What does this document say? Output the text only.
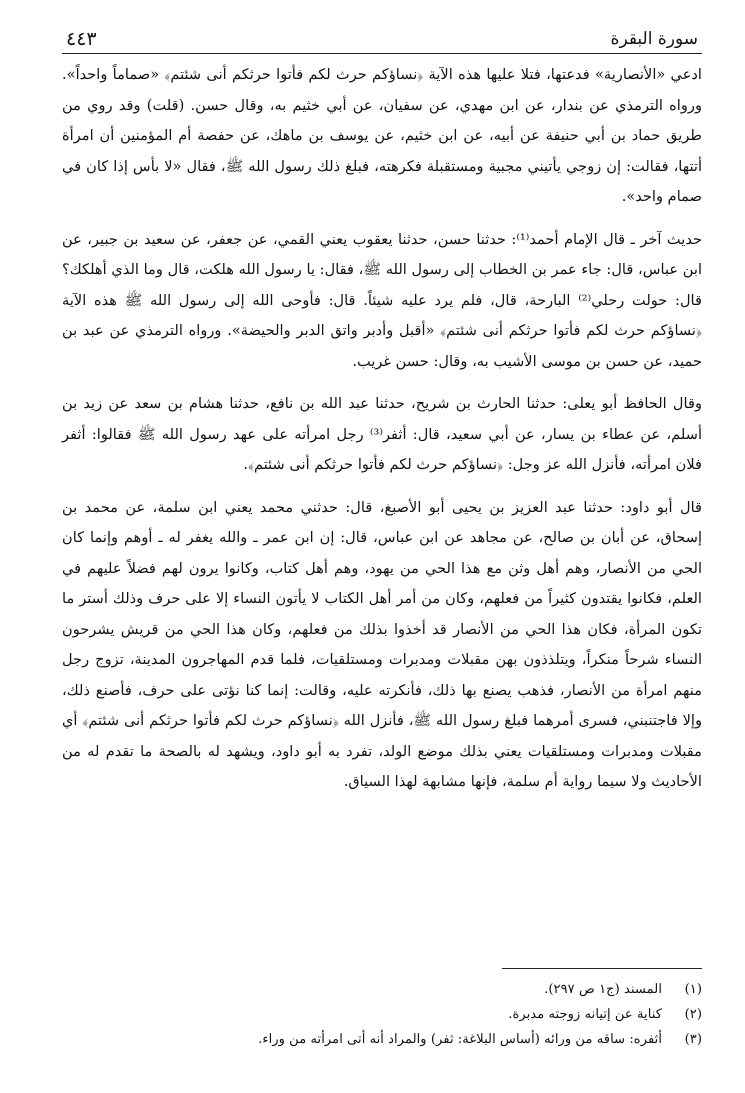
سورة البقرة
٤٤٣

ادعي «الأنصارية» فدعتها، فتلا عليها هذه الآية ﴿نساؤكم حرث لكم فأتوا حرثكم أنى شئتم﴾ «صماماً واحداً». ورواه الترمذي عن بندار، عن ابن مهدي، عن سفيان، عن أبي خثيم به، وقال حسن. (قلت) وقد روي من طريق حماد بن أبي حنيفة عن أبيه، عن ابن خثيم، عن يوسف بن ماهك، عن حفصة أم المؤمنين أن امرأة أتتها، فقالت: إن زوجي يأتيني مجبية ومستقبلة فكرهته، فبلغ ذلك رسول الله ﷺ، فقال «لا بأس إذا كان في صمام واحد».

حديث آخر ـ قال الإمام أحمد⁽¹⁾: حدثنا حسن، حدثنا يعقوب يعني القمي، عن جعفر، عن سعيد بن جبير، عن ابن عباس، قال: جاء عمر بن الخطاب إلى رسول الله ﷺ، فقال: يا رسول الله هلكت، قال وما الذي أهلكك؟ قال: حولت رحلي⁽²⁾ البارحة، قال، فلم يرد عليه شيئاً. قال: فأوحى الله إلى رسول الله ﷺ هذه الآية ﴿نساؤكم حرث لكم فأتوا حرثكم أنى شئتم﴾ «أقبل وأدبر واتق الدبر والحيضة». ورواه الترمذي عن عبد بن حميد، عن حسن بن موسى الأشيب به، وقال: حسن غريب.

وقال الحافظ أبو يعلى: حدثنا الحارث بن شريح، حدثنا عبد الله بن نافع، حدثنا هشام بن سعد عن زيد بن أسلم، عن عطاء بن يسار، عن أبي سعيد، قال: أثفر⁽³⁾ رجل امرأته على عهد رسول الله ﷺ فقالوا: أثفر فلان امرأته، فأنزل الله عز وجل: ﴿نساؤكم حرث لكم فأتوا حرثكم أنى شئتم﴾.

قال أبو داود: حدثنا عبد العزيز بن يحيى أبو الأصبغ، قال: حدثني محمد يعني ابن سلمة، عن محمد بن إسحاق، عن أبان بن صالح، عن مجاهد عن ابن عباس، قال: إن ابن عمر ـ والله يغفر له ـ أوهم وإنما كان الحي من الأنصار، وهم أهل وثن مع هذا الحي من يهود، وهم أهل كتاب، وكانوا يرون لهم فضلاً عليهم في العلم، فكانوا يقتدون كثيراً من فعلهم، وكان من أمر أهل الكتاب لا يأتون النساء إلا على حرف وذلك أستر ما تكون المرأة، فكان هذا الحي من الأنصار قد أخذوا بذلك من فعلهم، وكان هذا الحي من قريش يشرحون النساء شرحاً منكراً، ويتلذذون بهن مقبلات ومدبرات ومستلقيات، فلما قدم المهاجرون المدينة، تزوج رجل منهم امرأة من الأنصار، فذهب يصنع بها ذلك، فأنكرته عليه، وقالت: إنما كنا نؤتى على حرف، فأصنع ذلك، وإلا فاجتنبني، فسرى أمرهما فبلغ رسول الله ﷺ، فأنزل الله ﴿نساؤكم حرث لكم فأتوا حرثكم أنى شئتم﴾ أي مقبلات ومدبرات ومستلقيات يعني بذلك موضع الولد، تفرد به أبو داود، ويشهد له بالصحة ما تقدم له من الأحاديث ولا سيما رواية أم سلمة، فإنها مشابهة لهذا السياق.

(١)
المسند (ج١ ص ٢٩٧).
(٢)
كناية عن إتيانه زوجته مدبرة.
(٣)
أثفره: ساقه من ورائه (أساس البلاغة: ثفر) والمراد أنه أتى امرأته من وراء.
